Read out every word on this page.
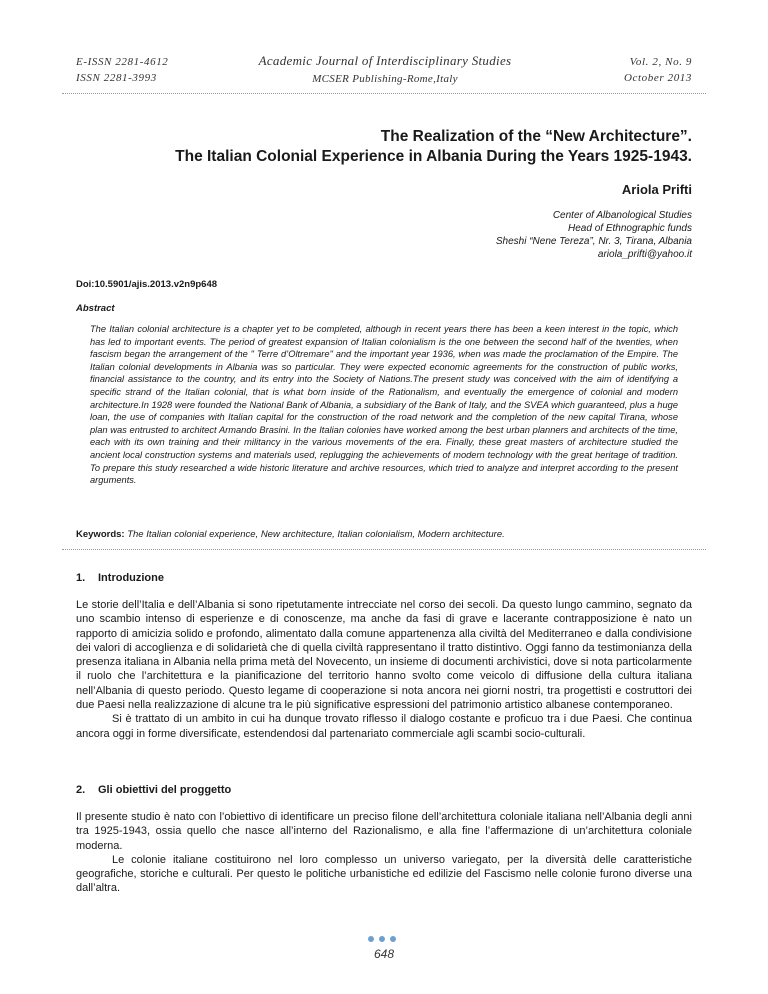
E-ISSN 2281-4612
ISSN 2281-3993
Academic Journal of Interdisciplinary Studies
MCSER Publishing-Rome,Italy
Vol. 2, No. 9
October 2013
The Realization of the “New Architecture”.
The Italian Colonial Experience in Albania During the Years 1925-1943.
Ariola Prifti
Center of Albanological Studies
Head of Ethnographic funds
Sheshi “Nene Tereza”, Nr. 3, Tirana, Albania
ariola_prifti@yahoo.it
Doi:10.5901/ajis.2013.v2n9p648
Abstract
The Italian colonial architecture is a chapter yet to be completed, although in recent years there has been a keen interest in the topic, which has led to important events. The period of greatest expansion of Italian colonialism is the one between the second half of the twenties, when fascism began the arrangement of the " Terre d’Oltremare" and the important year 1936, when was made the proclamation of the Empire. The Italian colonial developments in Albania was so particular. They were expected economic agreements for the construction of public works, financial assistance to the country, and its entry into the Society of Nations.The present study was conceived with the aim of identifying a specific strand of the Italian colonial, that is what born inside of the Rationalism, and eventually the emergence of colonial and modern architecture.In 1928 were founded the National Bank of Albania, a subsidiary of the Bank of Italy, and the SVEA which guaranteed, plus a huge loan, the use of companies with Italian capital for the construction of the road network and the completion of the new capital Tirana, whose plan was entrusted to architect Armando Brasini. In the Italian colonies have worked among the best urban planners and architects of the time, each with its own training and their militancy in the various movements of the era. Finally, these great masters of architecture studied the ancient local construction systems and materials used, replugging the achievements of modern technology with the great heritage of tradition. To prepare this study researched a wide historic literature and archive resources, which tried to analyze and interpret according to the present arguments.
Keywords: The Italian colonial experience, New architecture, Italian colonialism, Modern architecture.
1. Introduzione

Le storie dell’Italia e dell’Albania si sono ripetutamente intrecciate nel corso dei secoli. Da questo lungo cammino, segnato da uno scambio intenso di esperienze e di conoscenze, ma anche da fasi di grave e lacerante contrapposizione è nato un rapporto di amicizia solido e profondo, alimentato dalla comune appartenenza alla civiltà del Mediterraneo e dalla condivisione dei valori di accoglienza e di solidarietà che di quella civiltà rappresentano il tratto distintivo. Oggi fanno da testimonianza della presenza italiana in Albania nella prima metà del Novecento, un insieme di documenti archivistici, dove si nota particolarmente il ruolo che l’architettura e la pianificazione del territorio hanno svolto come veicolo di diffusione della cultura italiana nell’Albania di questo periodo. Questo legame di cooperazione si nota ancora nei giorni nostri, tra progettisti e costruttori dei due Paesi nella realizzazione di alcune tra le più significative espressioni del patrimonio artistico albanese contemporaneo.

Si è trattato di un ambito in cui ha dunque trovato riflesso il dialogo costante e proficuo tra i due Paesi. Che continua ancora oggi in forme diversificate, estendendosi dal partenariato commerciale agli scambi socio-culturali.

2. Gli obiettivi del proggetto

Il presente studio è nato con l’obiettivo di identificare un preciso filone dell’architettura coloniale italiana nell’Albania degli anni tra 1925-1943, ossia quello che nasce all’interno del Razionalismo, e alla fine l’affermazione di un’architettura coloniale moderna.

Le colonie italiane costituirono nel loro complesso un universo variegato, per la diversità delle caratteristiche geografiche, storiche e culturali. Per questo le politiche urbanistiche ed edilizie del Fascismo nelle colonie furono diverse una dall’altra.

648
